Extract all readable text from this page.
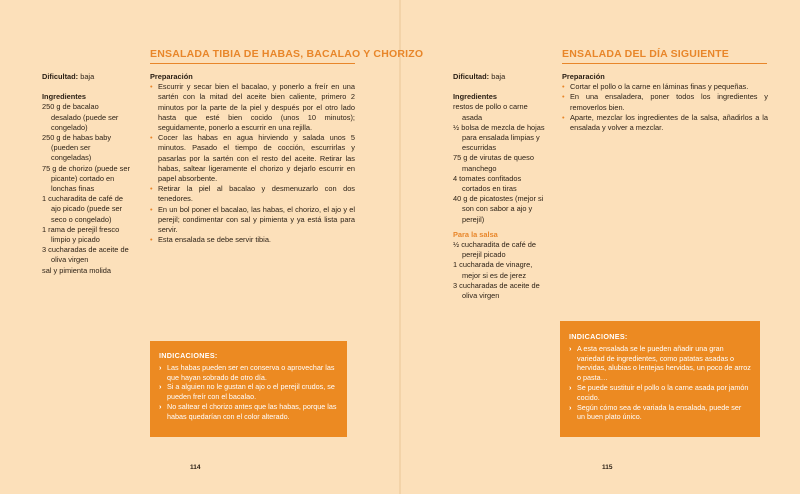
ENSALADA TIBIA DE HABAS, BACALAO Y CHORIZO

Dificultad: baja

Ingredientes

250 g de bacalao desalado (puede ser congelado)
250 g de habas baby (pueden ser congeladas)
75 g de chorizo (puede ser picante) cortado en lonchas finas
1 cucharadita de café de ajo picado (puede ser seco o congelado)
1 rama de perejil fresco limpio y picado
3 cucharadas de aceite de oliva virgen
sal y pimienta molida

Preparación

• Escurrir y secar bien el bacalao, y ponerlo a freír en una sartén con la mitad del aceite bien caliente, primero 2 minutos por la parte de la piel y después por el otro lado hasta que esté bien cocido (unos 10 minutos); seguidamente, ponerlo a escurrir en una rejilla.
• Cocer las habas en agua hirviendo y salada unos 5 minutos. Pasado el tiempo de cocción, escurrirlas y pasarlas por la sartén con el resto del aceite. Retirar las habas, saltear ligeramente el chorizo y dejarlo escurrir en papel absorbente.
• Retirar la piel al bacalao y desmenuzarlo con dos tenedores.
• En un bol poner el bacalao, las habas, el chorizo, el ajo y el perejil; condimentar con sal y pimienta y ya está lista para servir.
• Esta ensalada se debe servir tibia.
INDICACIONES:
› Las habas pueden ser en conserva o aprovechar las que hayan sobrado de otro día.
› Si a alguien no le gustan el ajo o el perejil crudos, se pueden freír con el bacalao.
› No saltear el chorizo antes que las habas, porque las habas quedarían con el color alterado.
114
ENSALADA DEL DÍA SIGUIENTE

Dificultad: baja

Ingredientes

restos de pollo o carne asada
½ bolsa de mezcla de hojas para ensalada limpias y escurridas
75 g de virutas de queso manchego
4 tomates confitados cortados en tiras
40 g de picatostes (mejor si son con sabor a ajo y perejil)

Para la salsa

½ cucharadita de café de perejil picado
1 cucharada de vinagre, mejor si es de jerez
3 cucharadas de aceite de oliva virgen

Preparación

• Cortar el pollo o la carne en láminas finas y pequeñas.
• En una ensaladera, poner todos los ingredientes y removerlos bien.
• Aparte, mezclar los ingredientes de la salsa, añadirlos a la ensalada y volver a mezclar.
INDICACIONES:
› A esta ensalada se le pueden añadir una gran variedad de ingredientes, como patatas asadas o hervidas, alubias o lentejas hervidas, un poco de arroz o pasta…
› Se puede sustituir el pollo o la carne asada por jamón cocido.
› Según cómo sea de variada la ensalada, puede ser un buen plato único.
115
